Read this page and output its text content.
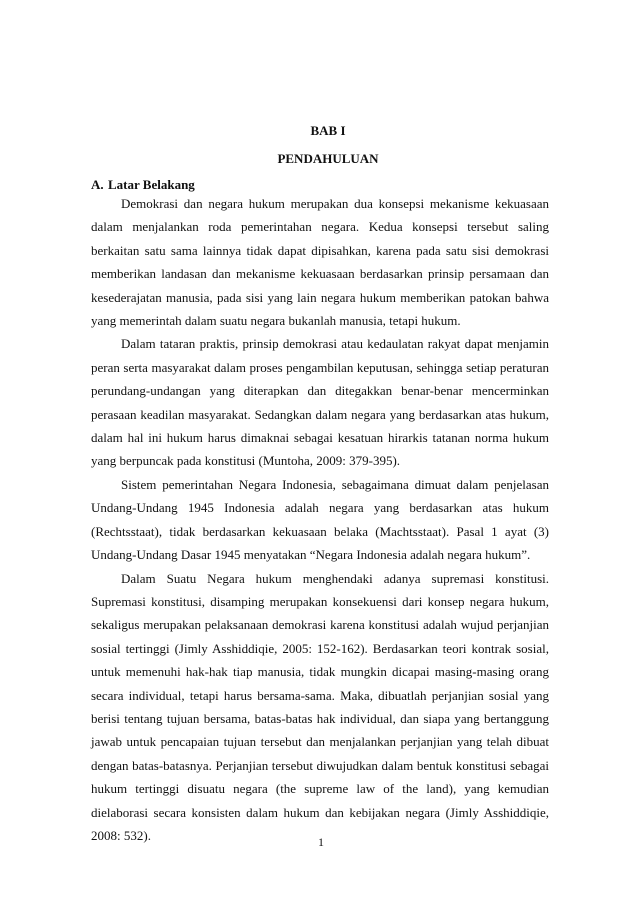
BAB I
PENDAHULUAN
A. Latar Belakang

Demokrasi dan negara hukum merupakan dua konsepsi mekanisme kekuasaan dalam menjalankan roda pemerintahan negara. Kedua konsepsi tersebut saling berkaitan satu sama lainnya tidak dapat dipisahkan, karena pada satu sisi demokrasi memberikan landasan dan mekanisme kekuasaan berdasarkan prinsip persamaan dan kesederajatan manusia, pada sisi yang lain negara hukum memberikan patokan bahwa yang memerintah dalam suatu negara bukanlah manusia, tetapi hukum.

Dalam tataran praktis, prinsip demokrasi atau kedaulatan rakyat dapat menjamin peran serta masyarakat dalam proses pengambilan keputusan, sehingga setiap peraturan perundang-undangan yang diterapkan dan ditegakkan benar-benar mencerminkan perasaan keadilan masyarakat. Sedangkan dalam negara yang berdasarkan atas hukum, dalam hal ini hukum harus dimaknai sebagai kesatuan hirarkis tatanan norma hukum yang berpuncak pada konstitusi (Muntoha, 2009: 379-395).

Sistem pemerintahan Negara Indonesia, sebagaimana dimuat dalam penjelasan Undang-Undang 1945 Indonesia adalah negara yang berdasarkan atas hukum (Rechtsstaat), tidak berdasarkan kekuasaan belaka (Machtsstaat). Pasal 1 ayat (3) Undang-Undang Dasar 1945 menyatakan “Negara Indonesia adalah negara hukum”.

Dalam Suatu Negara hukum menghendaki adanya supremasi konstitusi. Supremasi konstitusi, disamping merupakan konsekuensi dari konsep negara hukum, sekaligus merupakan pelaksanaan demokrasi karena konstitusi adalah wujud perjanjian sosial tertinggi (Jimly Asshiddiqie, 2005: 152-162). Berdasarkan teori kontrak sosial, untuk memenuhi hak-hak tiap manusia, tidak mungkin dicapai masing-masing orang secara individual, tetapi harus bersama-sama. Maka, dibuatlah perjanjian sosial yang berisi tentang tujuan bersama, batas-batas hak individual, dan siapa yang bertanggung jawab untuk pencapaian tujuan tersebut dan menjalankan perjanjian yang telah dibuat dengan batas-batasnya. Perjanjian tersebut diwujudkan dalam bentuk konstitusi sebagai hukum tertinggi disuatu negara (the supreme law of the land), yang kemudian dielaborasi secara konsisten dalam hukum dan kebijakan negara (Jimly Asshiddiqie, 2008: 532).	1
